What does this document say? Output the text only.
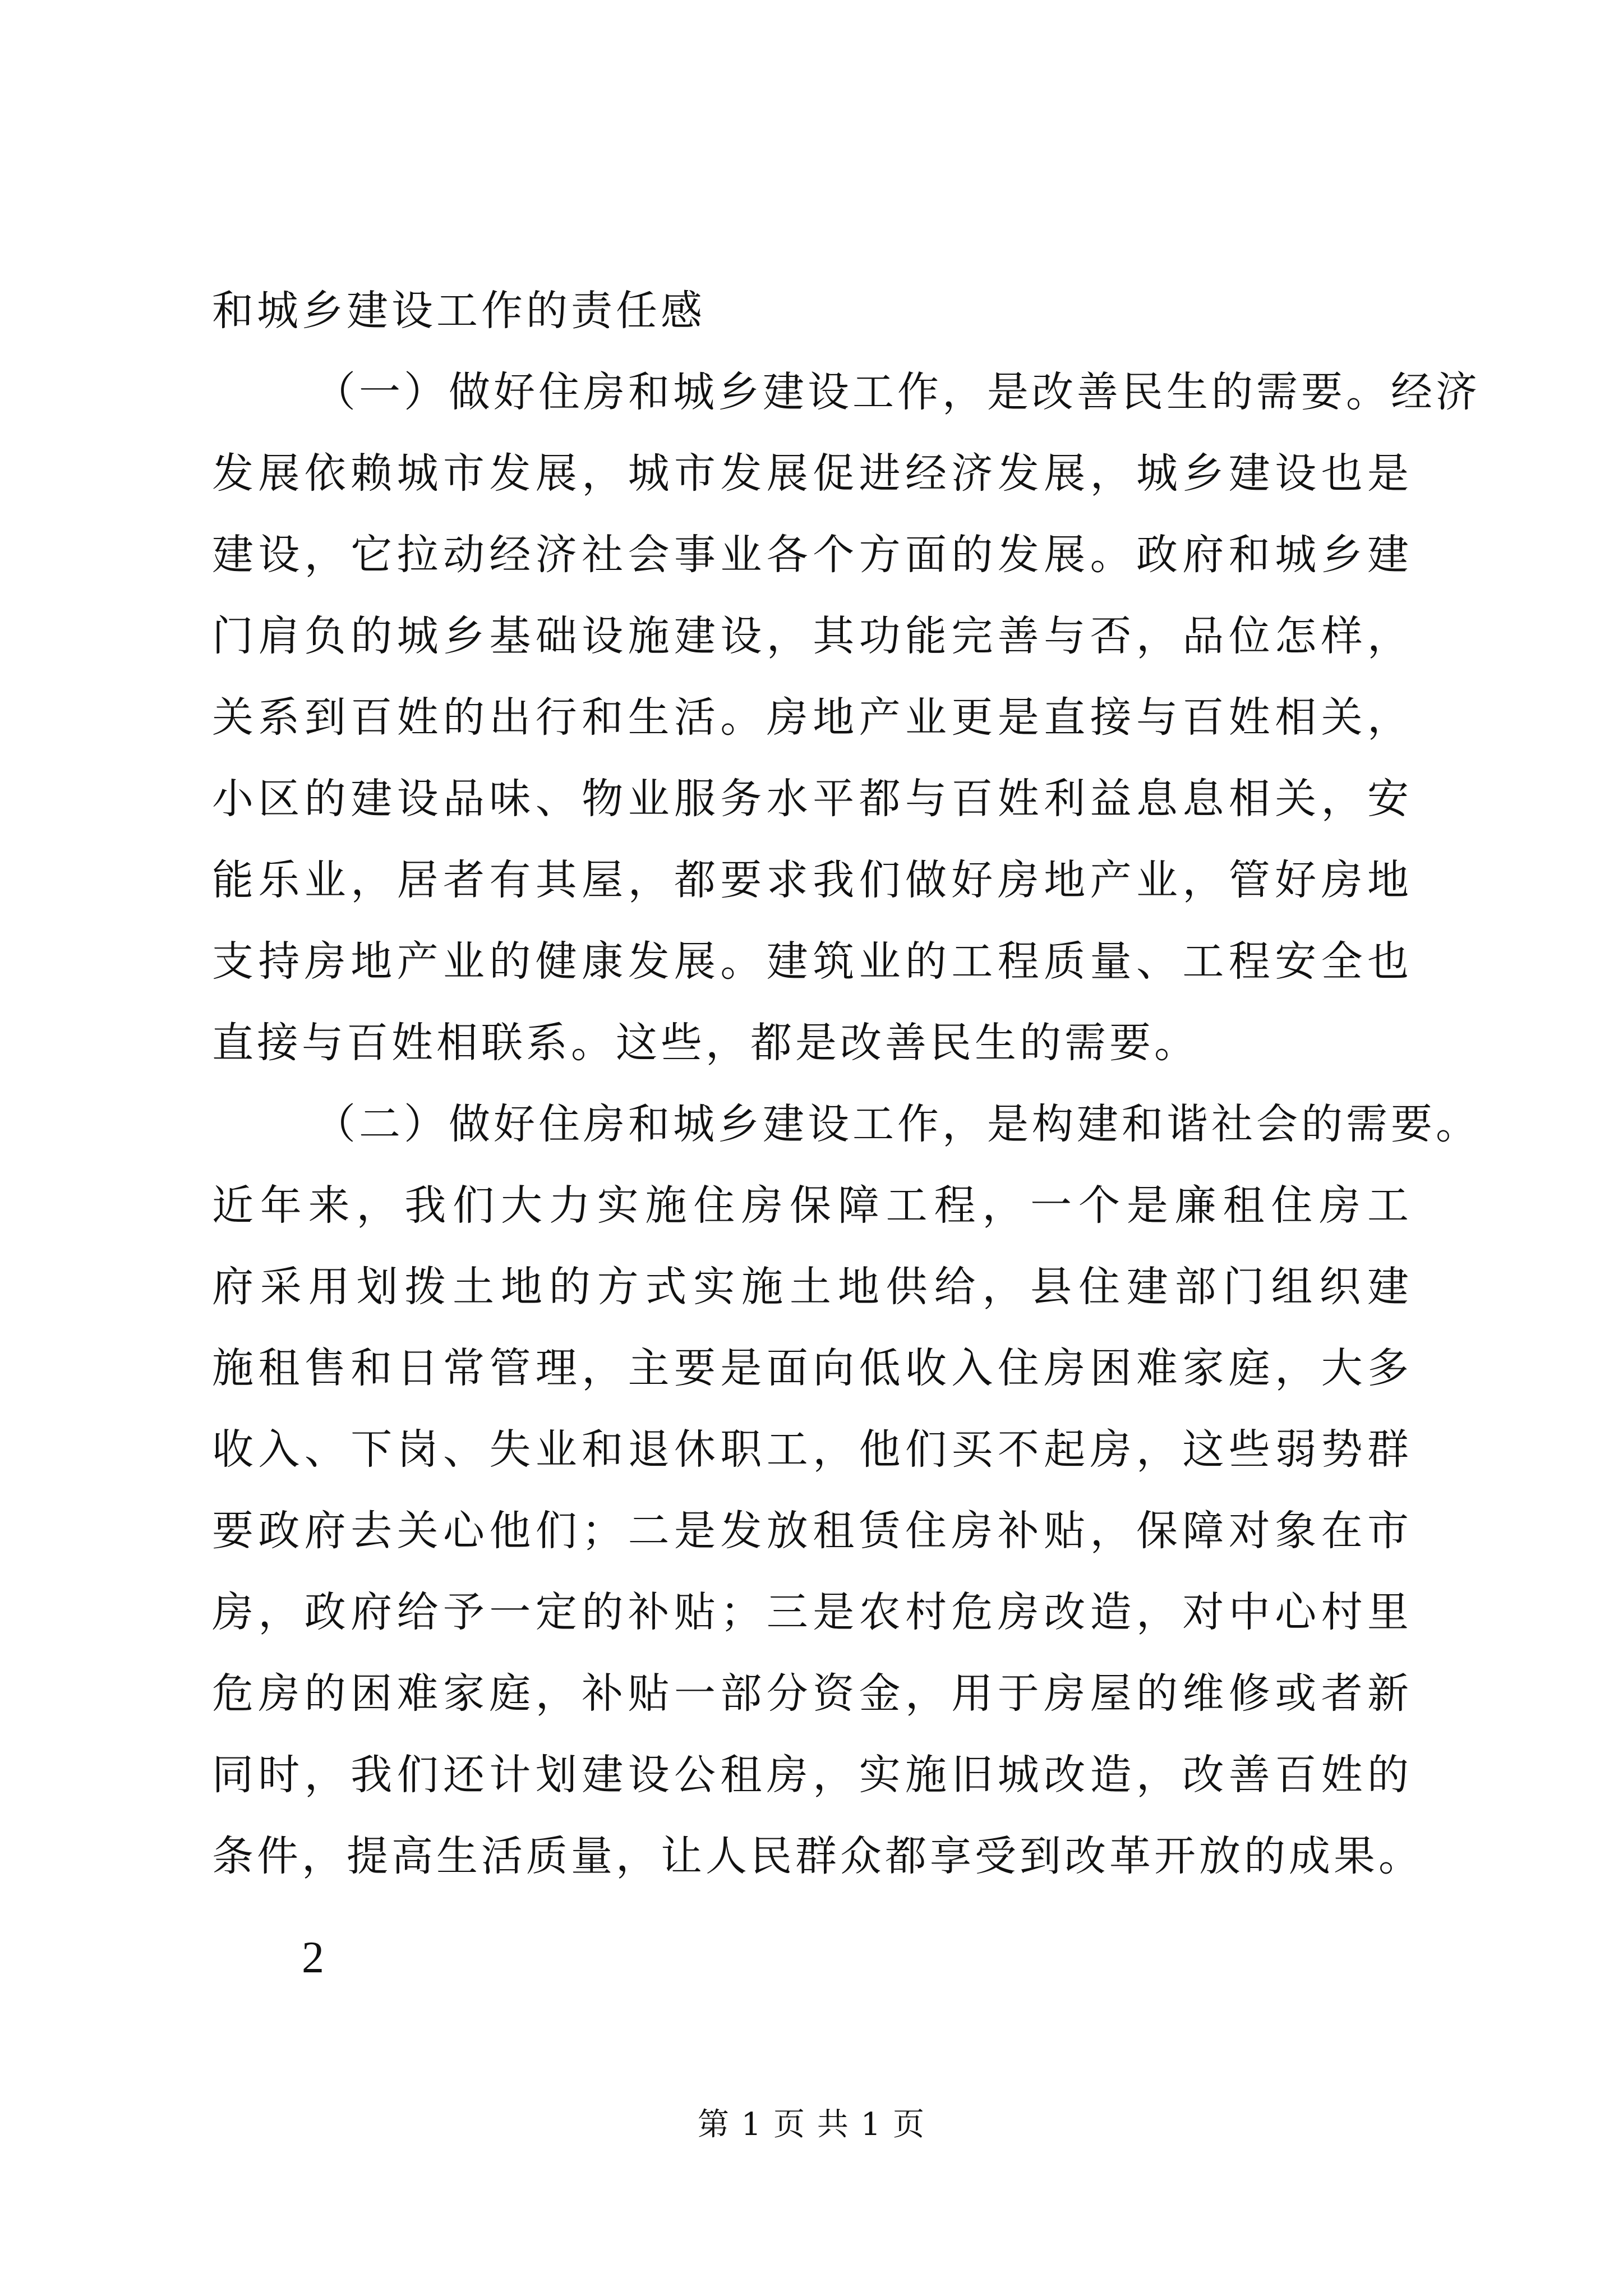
和城乡建设工作的责任感
（一）做好住房和城乡建设工作，是改善民生的需要。经济
发展依赖城市发展，城市发展促进经济发展，城乡建设也是
建设，它拉动经济社会事业各个方面的发展。政府和城乡建
门肩负的城乡基础设施建设，其功能完善与否，品位怎样，
关系到百姓的出行和生活。房地产业更是直接与百姓相关，
小区的建设品味、物业服务水平都与百姓利益息息相关，安
能乐业，居者有其屋，都要求我们做好房地产业，管好房地
支持房地产业的健康发展。建筑业的工程质量、工程安全也
直接与百姓相联系。这些，都是改善民生的需要。
（二）做好住房和城乡建设工作，是构建和谐社会的需要。
近年来，我们大力实施住房保障工程，一个是廉租住房工
府采用划拨土地的方式实施土地供给，县住建部门组织建
施租售和日常管理，主要是面向低收入住房困难家庭，大多
收入、下岗、失业和退休职工，他们买不起房，这些弱势群
要政府去关心他们；二是发放租赁住房补贴，保障对象在市
房，政府给予一定的补贴；三是农村危房改造，对中心村里
危房的困难家庭，补贴一部分资金，用于房屋的维修或者新
同时，我们还计划建设公租房，实施旧城改造，改善百姓的
条件，提高生活质量，让人民群众都享受到改革开放的成果。
2
第 1 页 共 1 页
